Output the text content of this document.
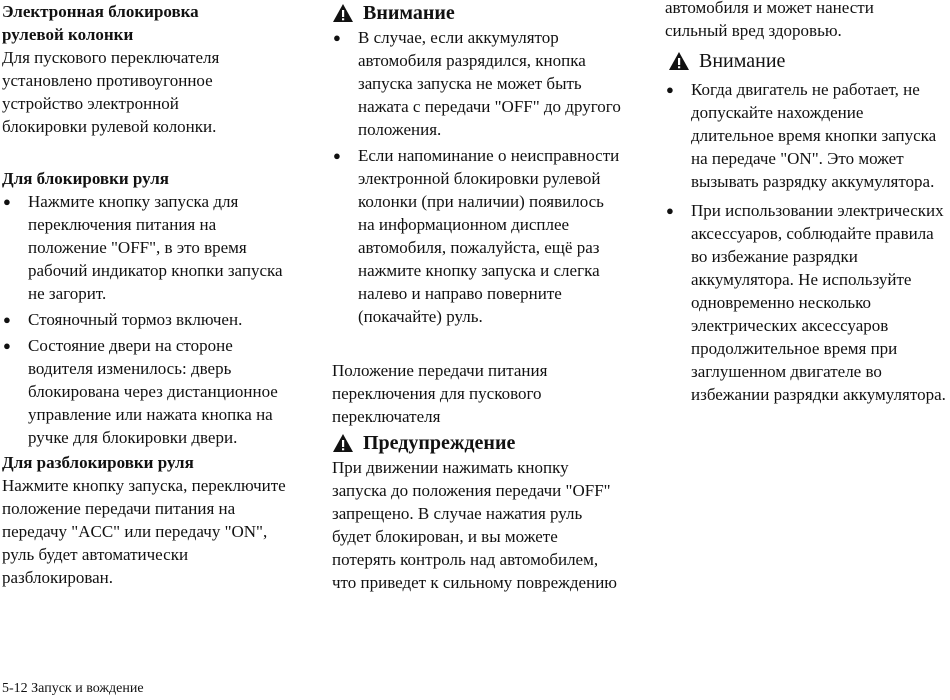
Электронная блокировка рулевой колонки

Для пускового переключателя установлено противоугонное устройство электронной блокировки рулевой колонки.

Для блокировки руля

● Нажмите кнопку запуска для переключения питания на положение "OFF", в это время рабочий индикатор кнопки запуска не загорит.
● Стояночный тормоз включен.
● Состояние двери на стороне водителя изменилось: дверь блокирована через дистанционное управление или нажата кнопка на ручке для блокировки двери.

Для разблокировки руля

Нажмите кнопку запуска, переключите положение передачи питания на передачу "ACC" или передачу "ON", руль будет автоматически разблокирован.

Внимание

● В случае, если аккумулятор автомобиля разрядился, кнопка запуска запуска не может быть нажата с передачи "OFF" до другого положения.
● Если напоминание о неисправности электронной блокировки рулевой колонки (при наличии) появилось на информационном дисплее автомобиля, пожалуйста, ещё раз нажмите кнопку запуска и слегка налево и направо поверните (покачайте) руль.

Положение передачи питания переключения для пускового переключателя

Предупреждение

При движении нажимать кнопку запуска до положения передачи "OFF" запрещено. В случае нажатия руль будет блокирован, и вы можете потерять контроль над автомобилем, что приведет к сильному повреждению

автомобиля и может нанести сильный вред здоровью.

Внимание

● Когда двигатель не работает, не допускайте нахождение длительное время кнопки запуска на передаче "ON". Это может вызывать разрядку аккумулятора.
● При использовании электрических аксессуаров, соблюдайте правила во избежание разрядки аккумулятора. Не используйте одновременно несколько электрических аксессуаров продолжительное время при заглушенном двигателе во избежании разрядки аккумулятора.
5-12 Запуск и вождение
